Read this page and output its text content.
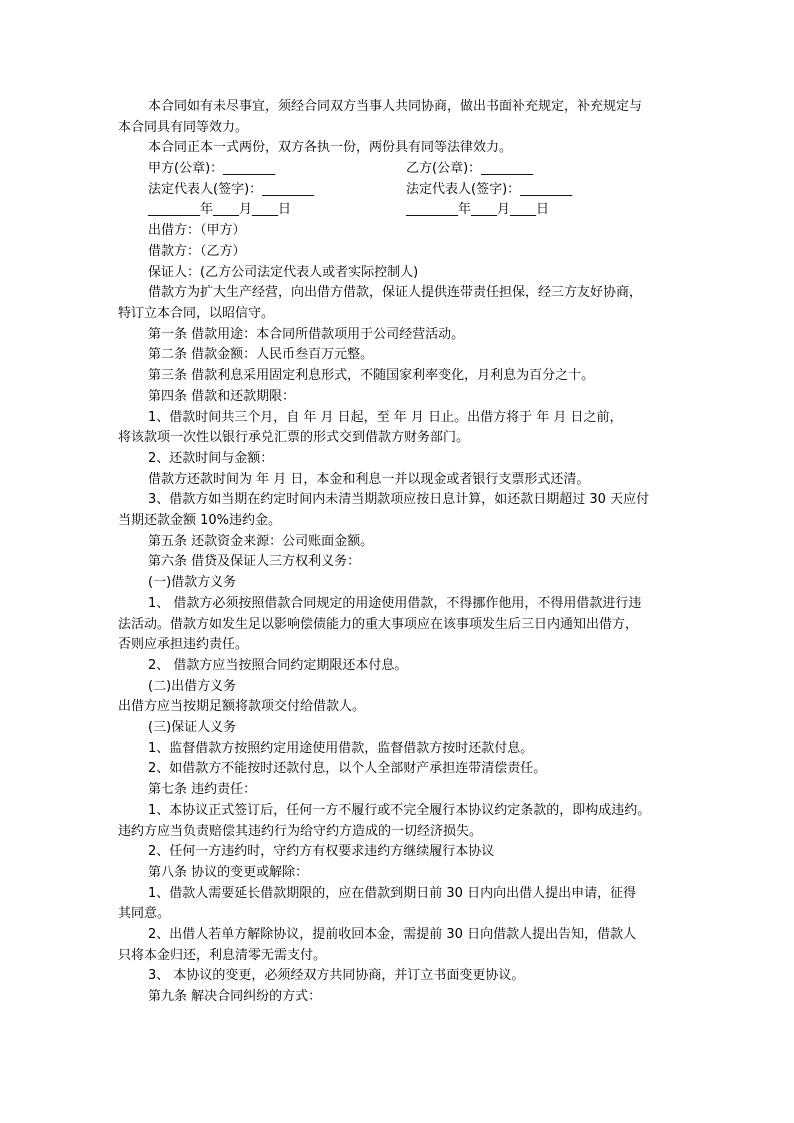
本合同如有未尽事宜，须经合同双方当事人共同协商，做出书面补充规定，补充规定与

本合同具有同等效力。

本合同正本一式两份，双方各执一份，两份具有同等法律效力。

甲方(公章)：________	乙方(公章)：________
法定代表人(签字)：________	法定代表人(签字)：________
________年____月____日	________年____月____日

出借方：（甲方）

借款方：（乙方）

保证人：(乙方公司法定代表人或者实际控制人)

借款方为扩大生产经营，向出借方借款，保证人提供连带责任担保，经三方友好协商，

特订立本合同，以昭信守。

第一条 借款用途：本合同所借款项用于公司经营活动。

第二条 借款金额：人民币叁百万元整。

第三条 借款利息采用固定利息形式，不随国家利率变化，月利息为百分之十。

第四条 借款和还款期限：

1、借款时间共三个月，自 年 月 日起，至 年 月 日止。出借方将于 年 月 日之前，

将该款项一次性以银行承兑汇票的形式交到借款方财务部门。

2、还款时间与金额：

借款方还款时间为 年 月 日，本金和利息一并以现金或者银行支票形式还清。

3、借款方如当期在约定时间内未清当期款项应按日息计算，如还款日期超过 30 天应付

当期还款金额 10%违约金。

第五条 还款资金来源：公司账面金额。

第六条 借贷及保证人三方权利义务：

(一)借款方义务

1、 借款方必须按照借款合同规定的用途使用借款，不得挪作他用，不得用借款进行违

法活动。借款方如发生足以影响偿债能力的重大事项应在该事项发生后三日内通知出借方，

否则应承担违约责任。

2、 借款方应当按照合同约定期限还本付息。

(二)出借方义务

出借方应当按期足额将款项交付给借款人。

(三)保证人义务

1、监督借款方按照约定用途使用借款，监督借款方按时还款付息。

2、如借款方不能按时还款付息，以个人全部财产承担连带清偿责任。

第七条 违约责任：

1、本协议正式签订后，任何一方不履行或不完全履行本协议约定条款的，即构成违约。

违约方应当负责赔偿其违约行为给守约方造成的一切经济损失。

2、任何一方违约时，守约方有权要求违约方继续履行本协议

第八条 协议的变更或解除：

1、借款人需要延长借款期限的，应在借款到期日前 30 日内向出借人提出申请，征得

其同意。

2、出借人若单方解除协议，提前收回本金，需提前 30 日向借款人提出告知，借款人

只将本金归还，利息清零无需支付。

3、 本协议的变更，必须经双方共同协商，并订立书面变更协议。

第九条 解决合同纠纷的方式：
